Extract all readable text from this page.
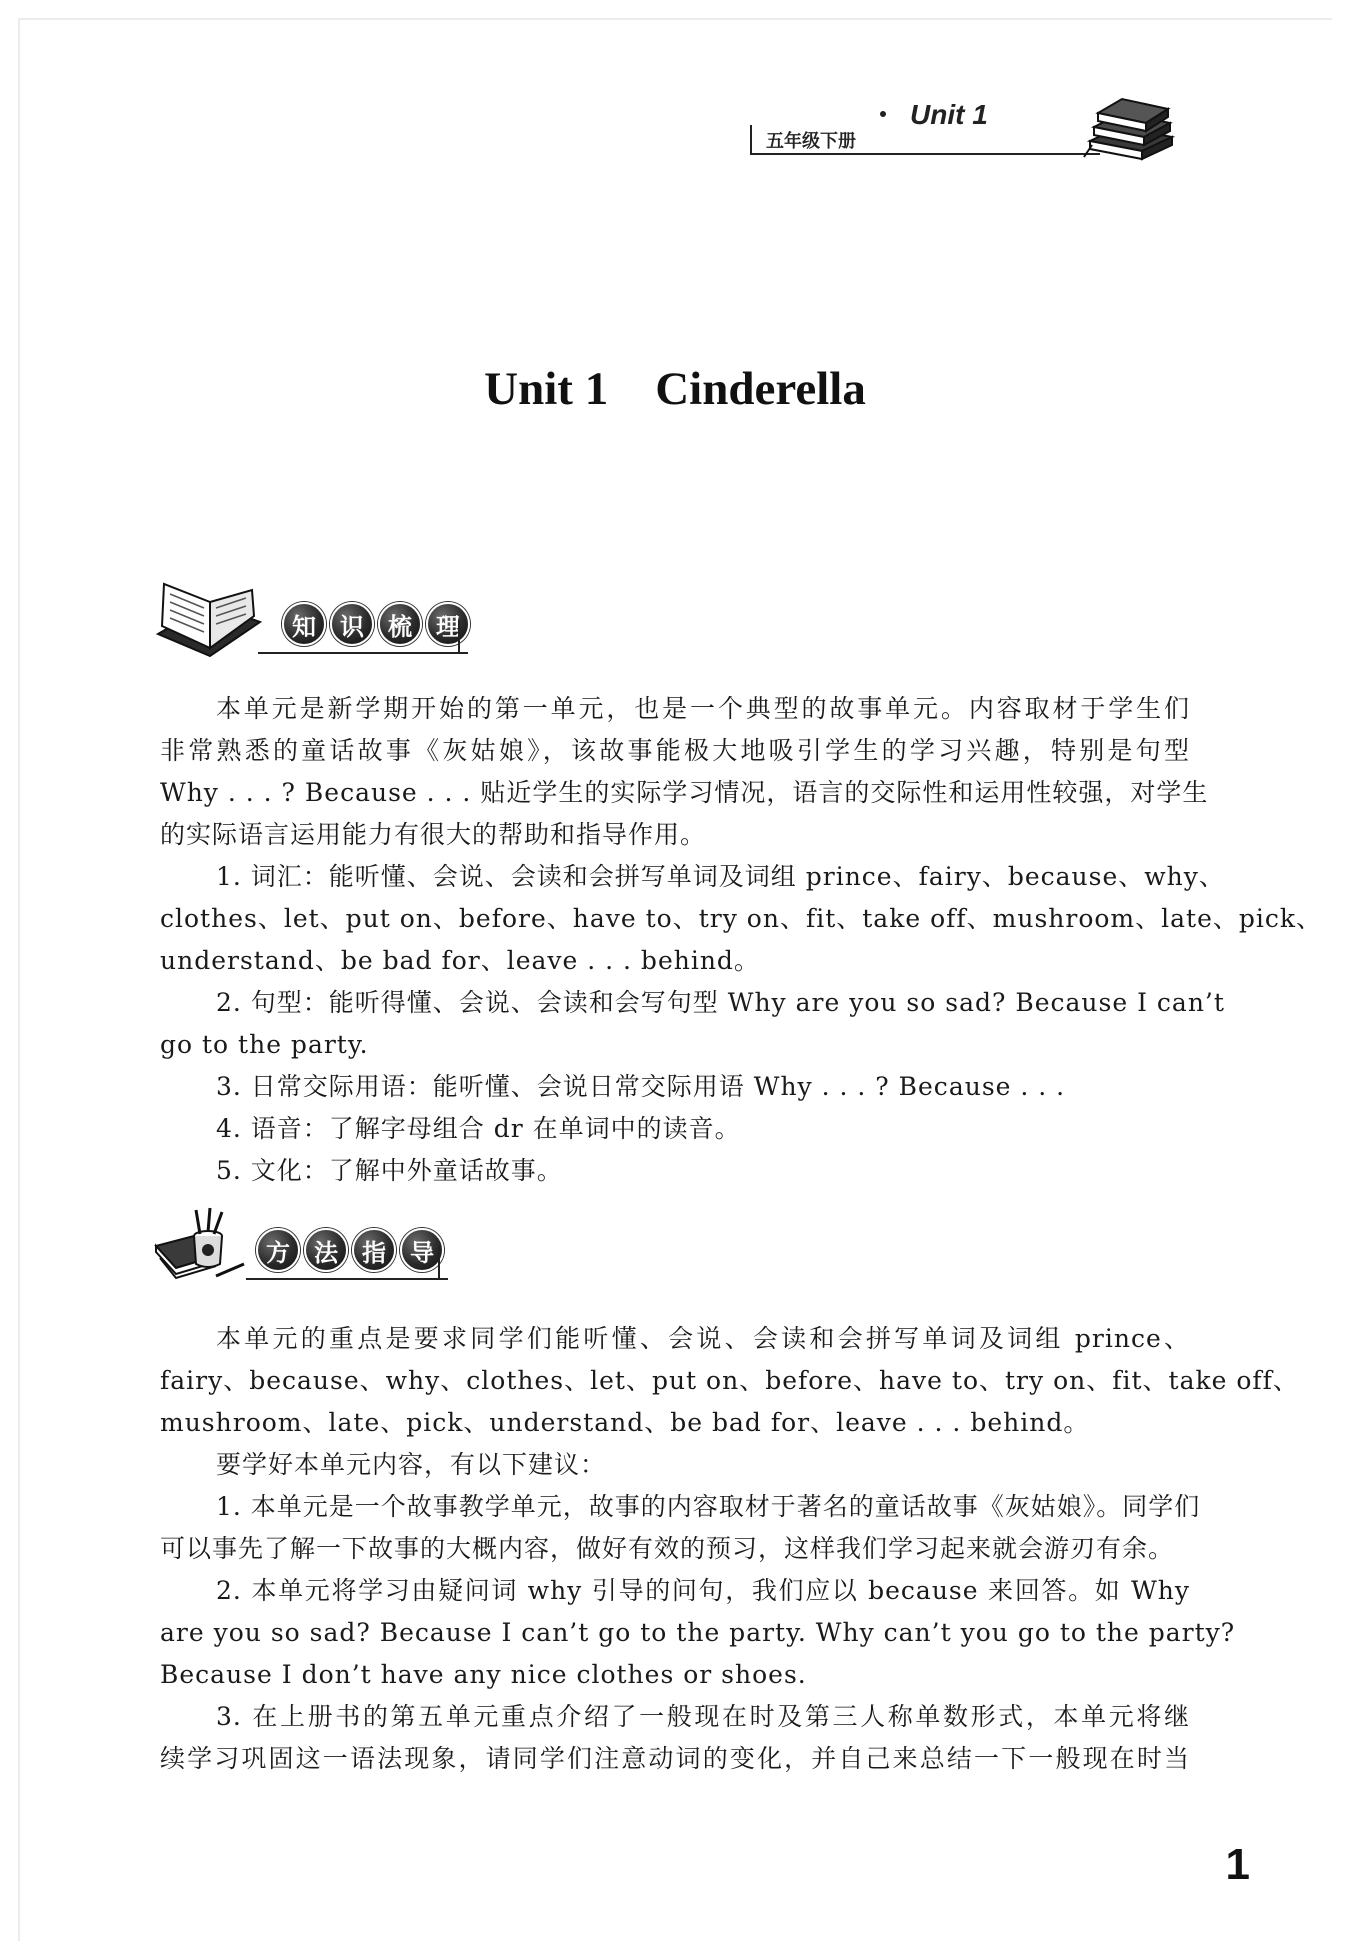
五年级下册
Unit 1
Unit 1    Cinderella
知	识	梳	理
本单元是新学期开始的第一单元，也是一个典型的故事单元。内容取材于学生们
非常熟悉的童话故事《灰姑娘》，该故事能极大地吸引学生的学习兴趣，特别是句型
Why . . . ? Because . . . 贴近学生的实际学习情况，语言的交际性和运用性较强，对学生
的实际语言运用能力有很大的帮助和指导作用。
1. 词汇：能听懂、会说、会读和会拼写单词及词组 prince、fairy、because、why、
clothes、let、put on、before、have to、try on、fit、take off、mushroom、late、pick、
understand、be bad for、leave . . . behind。
2. 句型：能听得懂、会说、会读和会写句型 Why are you so sad? Because I can’t
go to the party.
3. 日常交际用语：能听懂、会说日常交际用语 Why . . . ? Because . . .
4. 语音：了解字母组合 dr 在单词中的读音。
5. 文化：了解中外童话故事。
方	法	指	导
本单元的重点是要求同学们能听懂、会说、会读和会拼写单词及词组 prince、
fairy、because、why、clothes、let、put on、before、have to、try on、fit、take off、
mushroom、late、pick、understand、be bad for、leave . . . behind。
要学好本单元内容，有以下建议：
1. 本单元是一个故事教学单元，故事的内容取材于著名的童话故事《灰姑娘》。同学们
可以事先了解一下故事的大概内容，做好有效的预习，这样我们学习起来就会游刃有余。
2. 本单元将学习由疑问词 why 引导的问句，我们应以 because 来回答。如 Why
are you so sad? Because I can’t go to the party. Why can’t you go to the party?
Because I don’t have any nice clothes or shoes.
3. 在上册书的第五单元重点介绍了一般现在时及第三人称单数形式，本单元将继
续学习巩固这一语法现象，请同学们注意动词的变化，并自己来总结一下一般现在时当
1
